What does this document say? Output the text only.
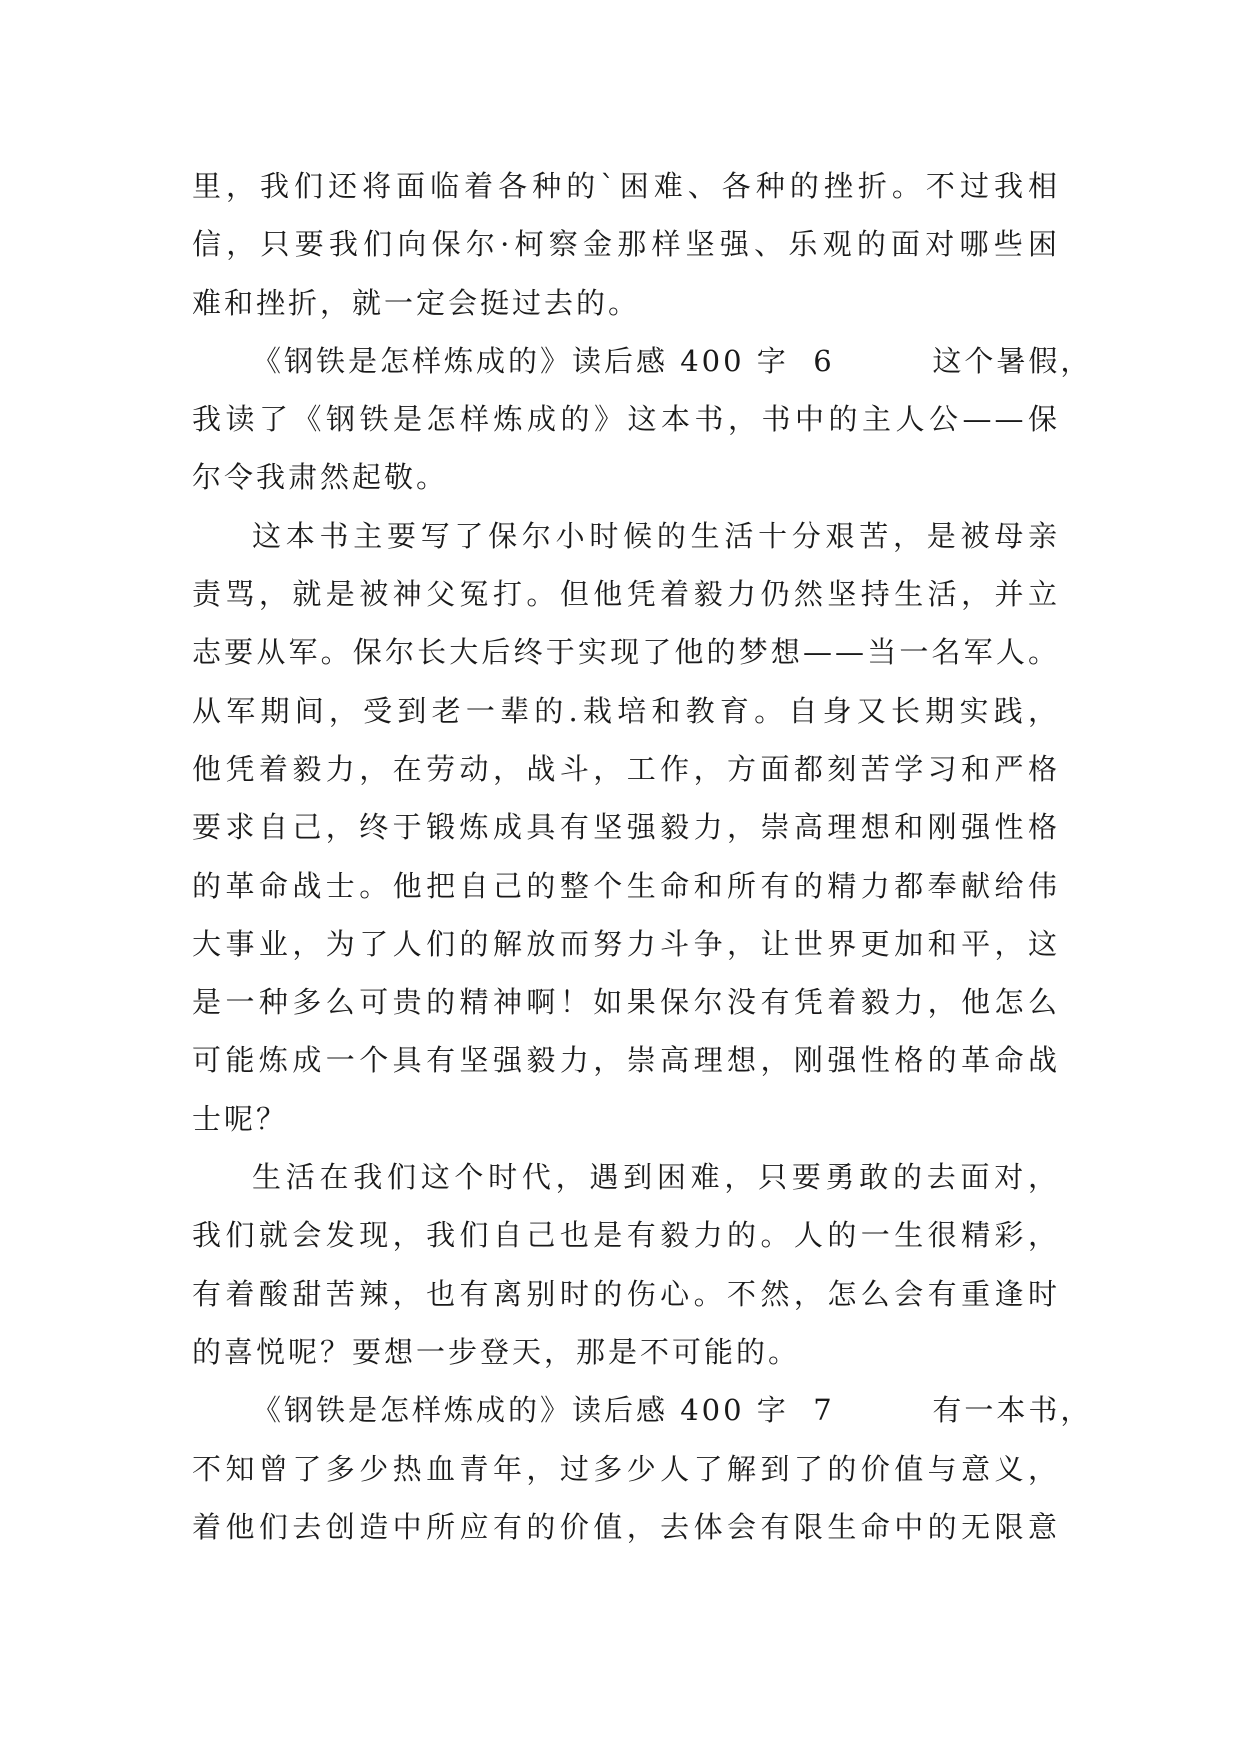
里，我们还将面临着各种的`困难、各种的挫折。不过我相
信，只要我们向保尔·柯察金那样坚强、乐观的面对哪些困
难和挫折，就一定会挺过去的。
《钢铁是怎样炼成的》读后感 400 字  6        这个暑假，
我读了《钢铁是怎样炼成的》这本书，书中的主人公——保
尔令我肃然起敬。
这本书主要写了保尔小时候的生活十分艰苦，是被母亲
责骂，就是被神父冤打。但他凭着毅力仍然坚持生活，并立
志要从军。保尔长大后终于实现了他的梦想——当一名军人。
从军期间，受到老一辈的.栽培和教育。自身又长期实践，
他凭着毅力，在劳动，战斗，工作，方面都刻苦学习和严格
要求自己，终于锻炼成具有坚强毅力，崇高理想和刚强性格
的革命战士。他把自己的整个生命和所有的精力都奉献给伟
大事业，为了人们的解放而努力斗争，让世界更加和平，这
是一种多么可贵的精神啊！如果保尔没有凭着毅力，他怎么
可能炼成一个具有坚强毅力，崇高理想，刚强性格的革命战
士呢？
生活在我们这个时代，遇到困难，只要勇敢的去面对，
我们就会发现，我们自己也是有毅力的。人的一生很精彩，
有着酸甜苦辣，也有离别时的伤心。不然，怎么会有重逢时
的喜悦呢？要想一步登天，那是不可能的。
《钢铁是怎样炼成的》读后感 400 字  7        有一本书，
不知曾了多少热血青年，过多少人了解到了的价值与意义，
着他们去创造中所应有的价值，去体会有限生命中的无限意
